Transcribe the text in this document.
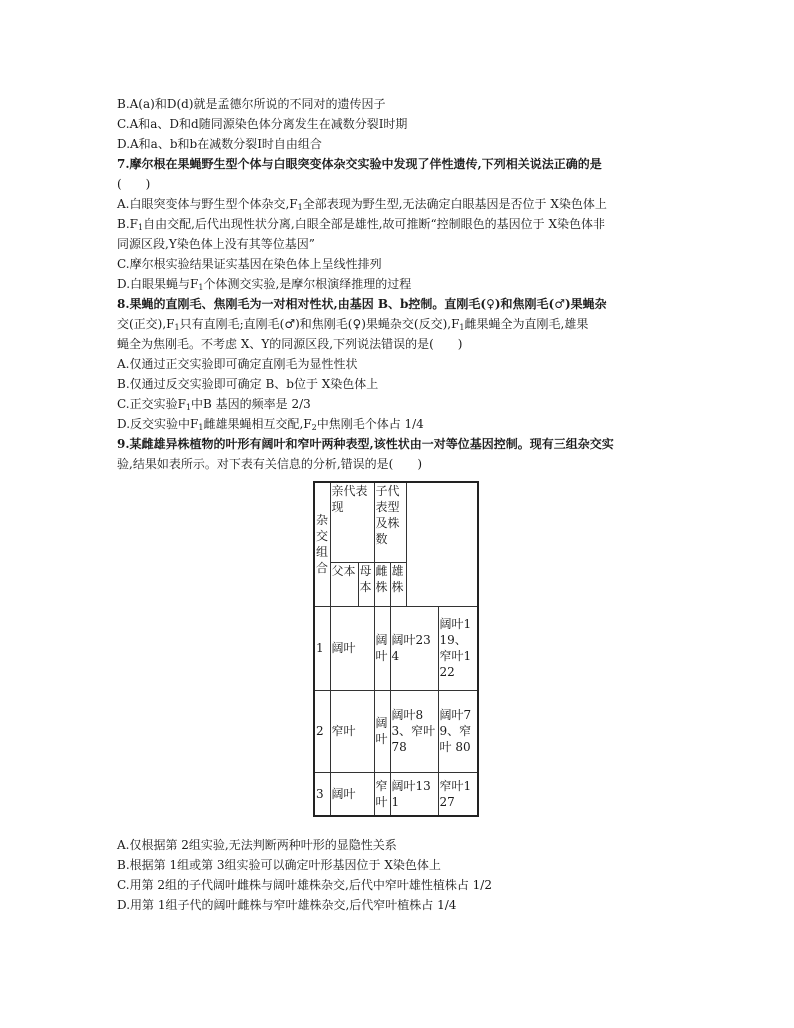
B.A(a)和D(d)就是孟德尔所说的不同对的遗传因子
C.A和a、D和d随同源染色体分离发生在减数分裂Ⅰ时期
D.A和a、b和b在减数分裂Ⅰ时自由组合
7.摩尔根在果蝇野生型个体与白眼突变体杂交实验中发现了伴性遗传,下列相关说法正确的是
(　　)
A.白眼突变体与野生型个体杂交$,F_1$全部表现为野生型,无法确定白眼基因是否位于 X染色体上
$B.F_1$自由交配,后代出现性状分离,白眼全部是雄性,故可推断“控制眼色的基因位于 X染色体非
同源区段,Y染色体上没有其等位基因”
C.摩尔根实验结果证实基因在染色体上呈线性排列
D.白眼果蝇与$F_1$个体测交实验,是摩尔根演绎推理的过程
8.果蝇的直刚毛、焦刚毛为一对相对性状,由基因 B、b控制。直刚毛(♀)和焦刚毛(♂)果蝇杂
交(正交)$,F_1$只有直刚毛;直刚毛(♂)和焦刚毛(♀)果蝇杂交(反交)$,F_1$雌果蝇全为直刚毛,雄果
蝇全为焦刚毛。不考虑 X、Y的同源区段,下列说法错误的是(　　)
A.仅通过正交实验即可确定直刚毛为显性性状
B.仅通过反交实验即可确定 B、b位于 X染色体上
C.正交实验$F_1$中B 基因的频率是 2/3
D.反交实验中$F_1$雌雄果蝇相互交配$,F_2$中焦刚毛个体占 1/4
9.某雌雄异株植物的叶形有阔叶和窄叶两种表型,该性状由一对等位基因控制。现有三组杂交实
验,结果如表所示。对下表有关信息的分析,错误的是(　　)
杂交组合	亲代表现		子代表型及株数			
	父本	母本	雌株	雄株		
1	阔叶		阔叶	阔叶234		阔叶119、窄叶122
2	窄叶		阔叶	阔叶83、窄叶78		阔叶79、窄叶 80
3	阔叶		窄叶	阔叶131		窄叶127
A.仅根据第 2组实验,无法判断两种叶形的显隐性关系
B.根据第 1组或第 3组实验可以确定叶形基因位于 X染色体上
C.用第 2组的子代阔叶雌株与阔叶雄株杂交,后代中窄叶雄性植株占 1/2
D.用第 1组子代的阔叶雌株与窄叶雄株杂交,后代窄叶植株占 1/4
